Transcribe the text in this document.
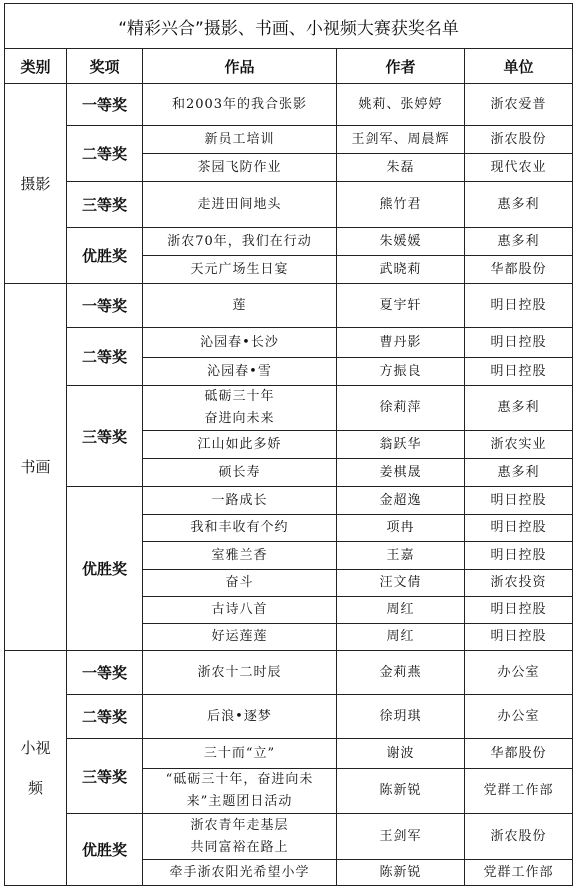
“精彩兴合”摄影、书画、小视频大赛获奖名单				
类别	奖项	作品	作者	单位

摄影	一等奖	和2003年的我合张影	姚莉、张婷婷	浙农爱普
	二等奖	新员工培训	王剑军、周晨辉	浙农股份

		茶园飞防作业	朱磊	现代农业
	三等奖	走进田间地头	熊竹君	惠多利
	优胜奖	浙农70年，我们在行动	朱媛媛	惠多利

		天元广场生日宴	武晓莉	华都股份

书画	一等奖	莲	夏宇轩	明日控股
	二等奖	沁园春•长沙	曹丹影	明日控股

		沁园春•雪	方振良	明日控股
	三等奖	砥砺三十年
奋进向未来	徐莉萍	惠多利

		江山如此多娇	翁跃华	浙农实业

		硕长寿	姜棋晟	惠多利
	优胜奖	一路成长	金超逸	明日控股

		我和丰收有个约	项冉	明日控股

		室雅兰香	王嘉	明日控股

		奋斗	汪文倩	浙农投资

		古诗八首	周红	明日控股

		好运莲莲	周红	明日控股

小视
频	一等奖	浙农十二时辰	金莉燕	办公室
	二等奖	后浪•逐梦	徐玥琪	办公室
	三等奖	三十而“立”	谢波	华都股份

		“砥砺三十年，奋进向未
来”主题团日活动	陈新锐	党群工作部
	优胜奖	浙农青年走基层
共同富裕在路上	王剑军	浙农股份

		牵手浙农阳光希望小学	陈新锐	党群工作部
